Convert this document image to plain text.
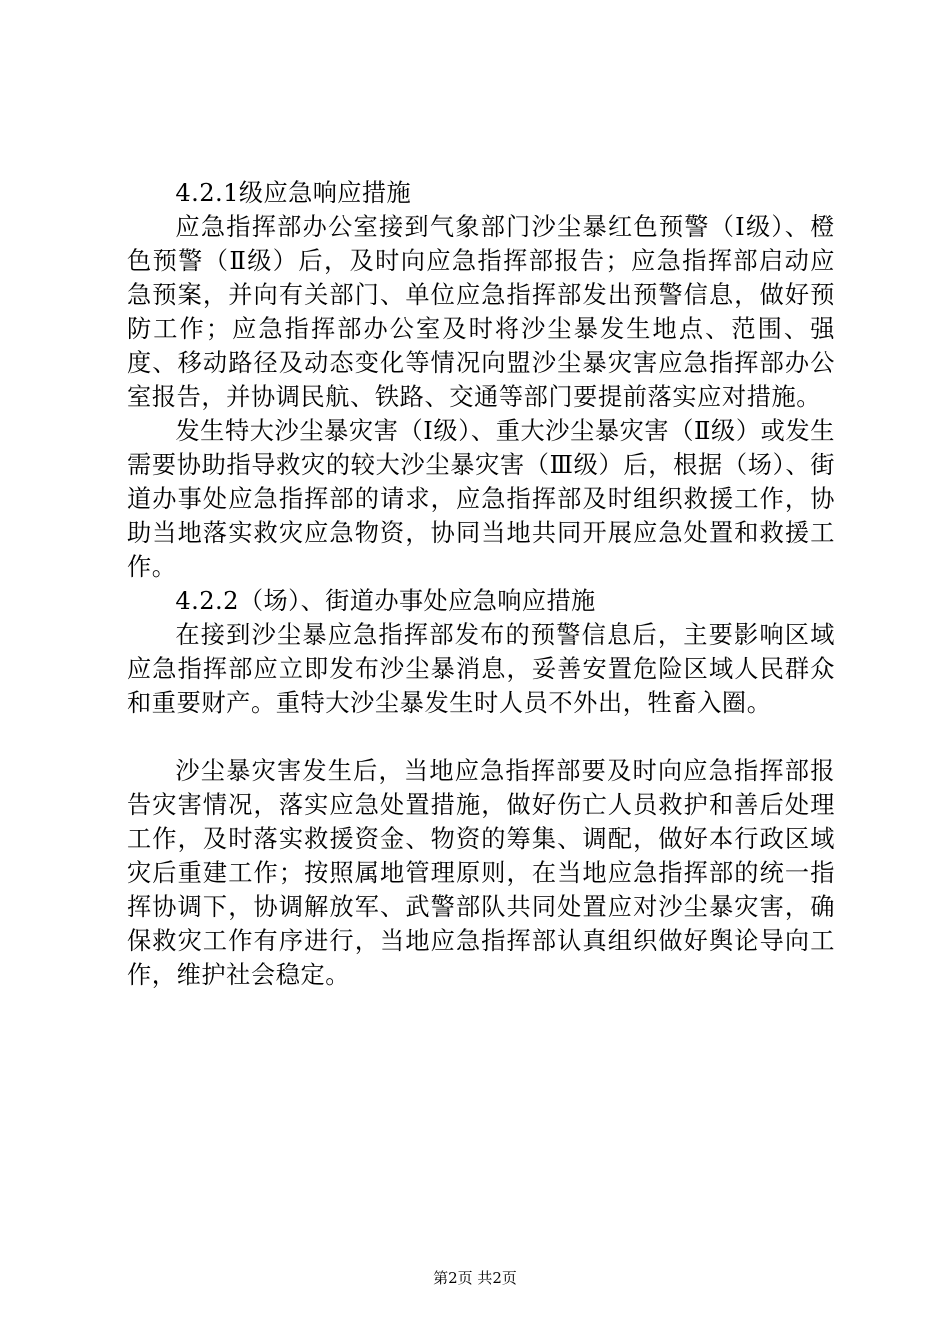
4.2.1级应急响应措施

应急指挥部办公室接到气象部门沙尘暴红色预警（Ⅰ级）、橙色预警（Ⅱ级）后，及时向应急指挥部报告；应急指挥部启动应急预案，并向有关部门、单位应急指挥部发出预警信息，做好预防工作；应急指挥部办公室及时将沙尘暴发生地点、范围、强度、移动路径及动态变化等情况向盟沙尘暴灾害应急指挥部办公室报告，并协调民航、铁路、交通等部门要提前落实应对措施。

发生特大沙尘暴灾害（Ⅰ级）、重大沙尘暴灾害（Ⅱ级）或发生需要协助指导救灾的较大沙尘暴灾害（Ⅲ级）后，根据（场）、街道办事处应急指挥部的请求，应急指挥部及时组织救援工作，协助当地落实救灾应急物资，协同当地共同开展应急处置和救援工作。

4.2.2（场）、街道办事处应急响应措施

在接到沙尘暴应急指挥部发布的预警信息后，主要影响区域应急指挥部应立即发布沙尘暴消息，妥善安置危险区域人民群众和重要财产。重特大沙尘暴发生时人员不外出，牲畜入圈。

沙尘暴灾害发生后，当地应急指挥部要及时向应急指挥部报告灾害情况，落实应急处置措施，做好伤亡人员救护和善后处理工作，及时落实救援资金、物资的筹集、调配，做好本行政区域灾后重建工作；按照属地管理原则，在当地应急指挥部的统一指挥协调下，协调解放军、武警部队共同处置应对沙尘暴灾害，确保救灾工作有序进行，当地应急指挥部认真组织做好舆论导向工作，维护社会稳定。

第2页 共2页
